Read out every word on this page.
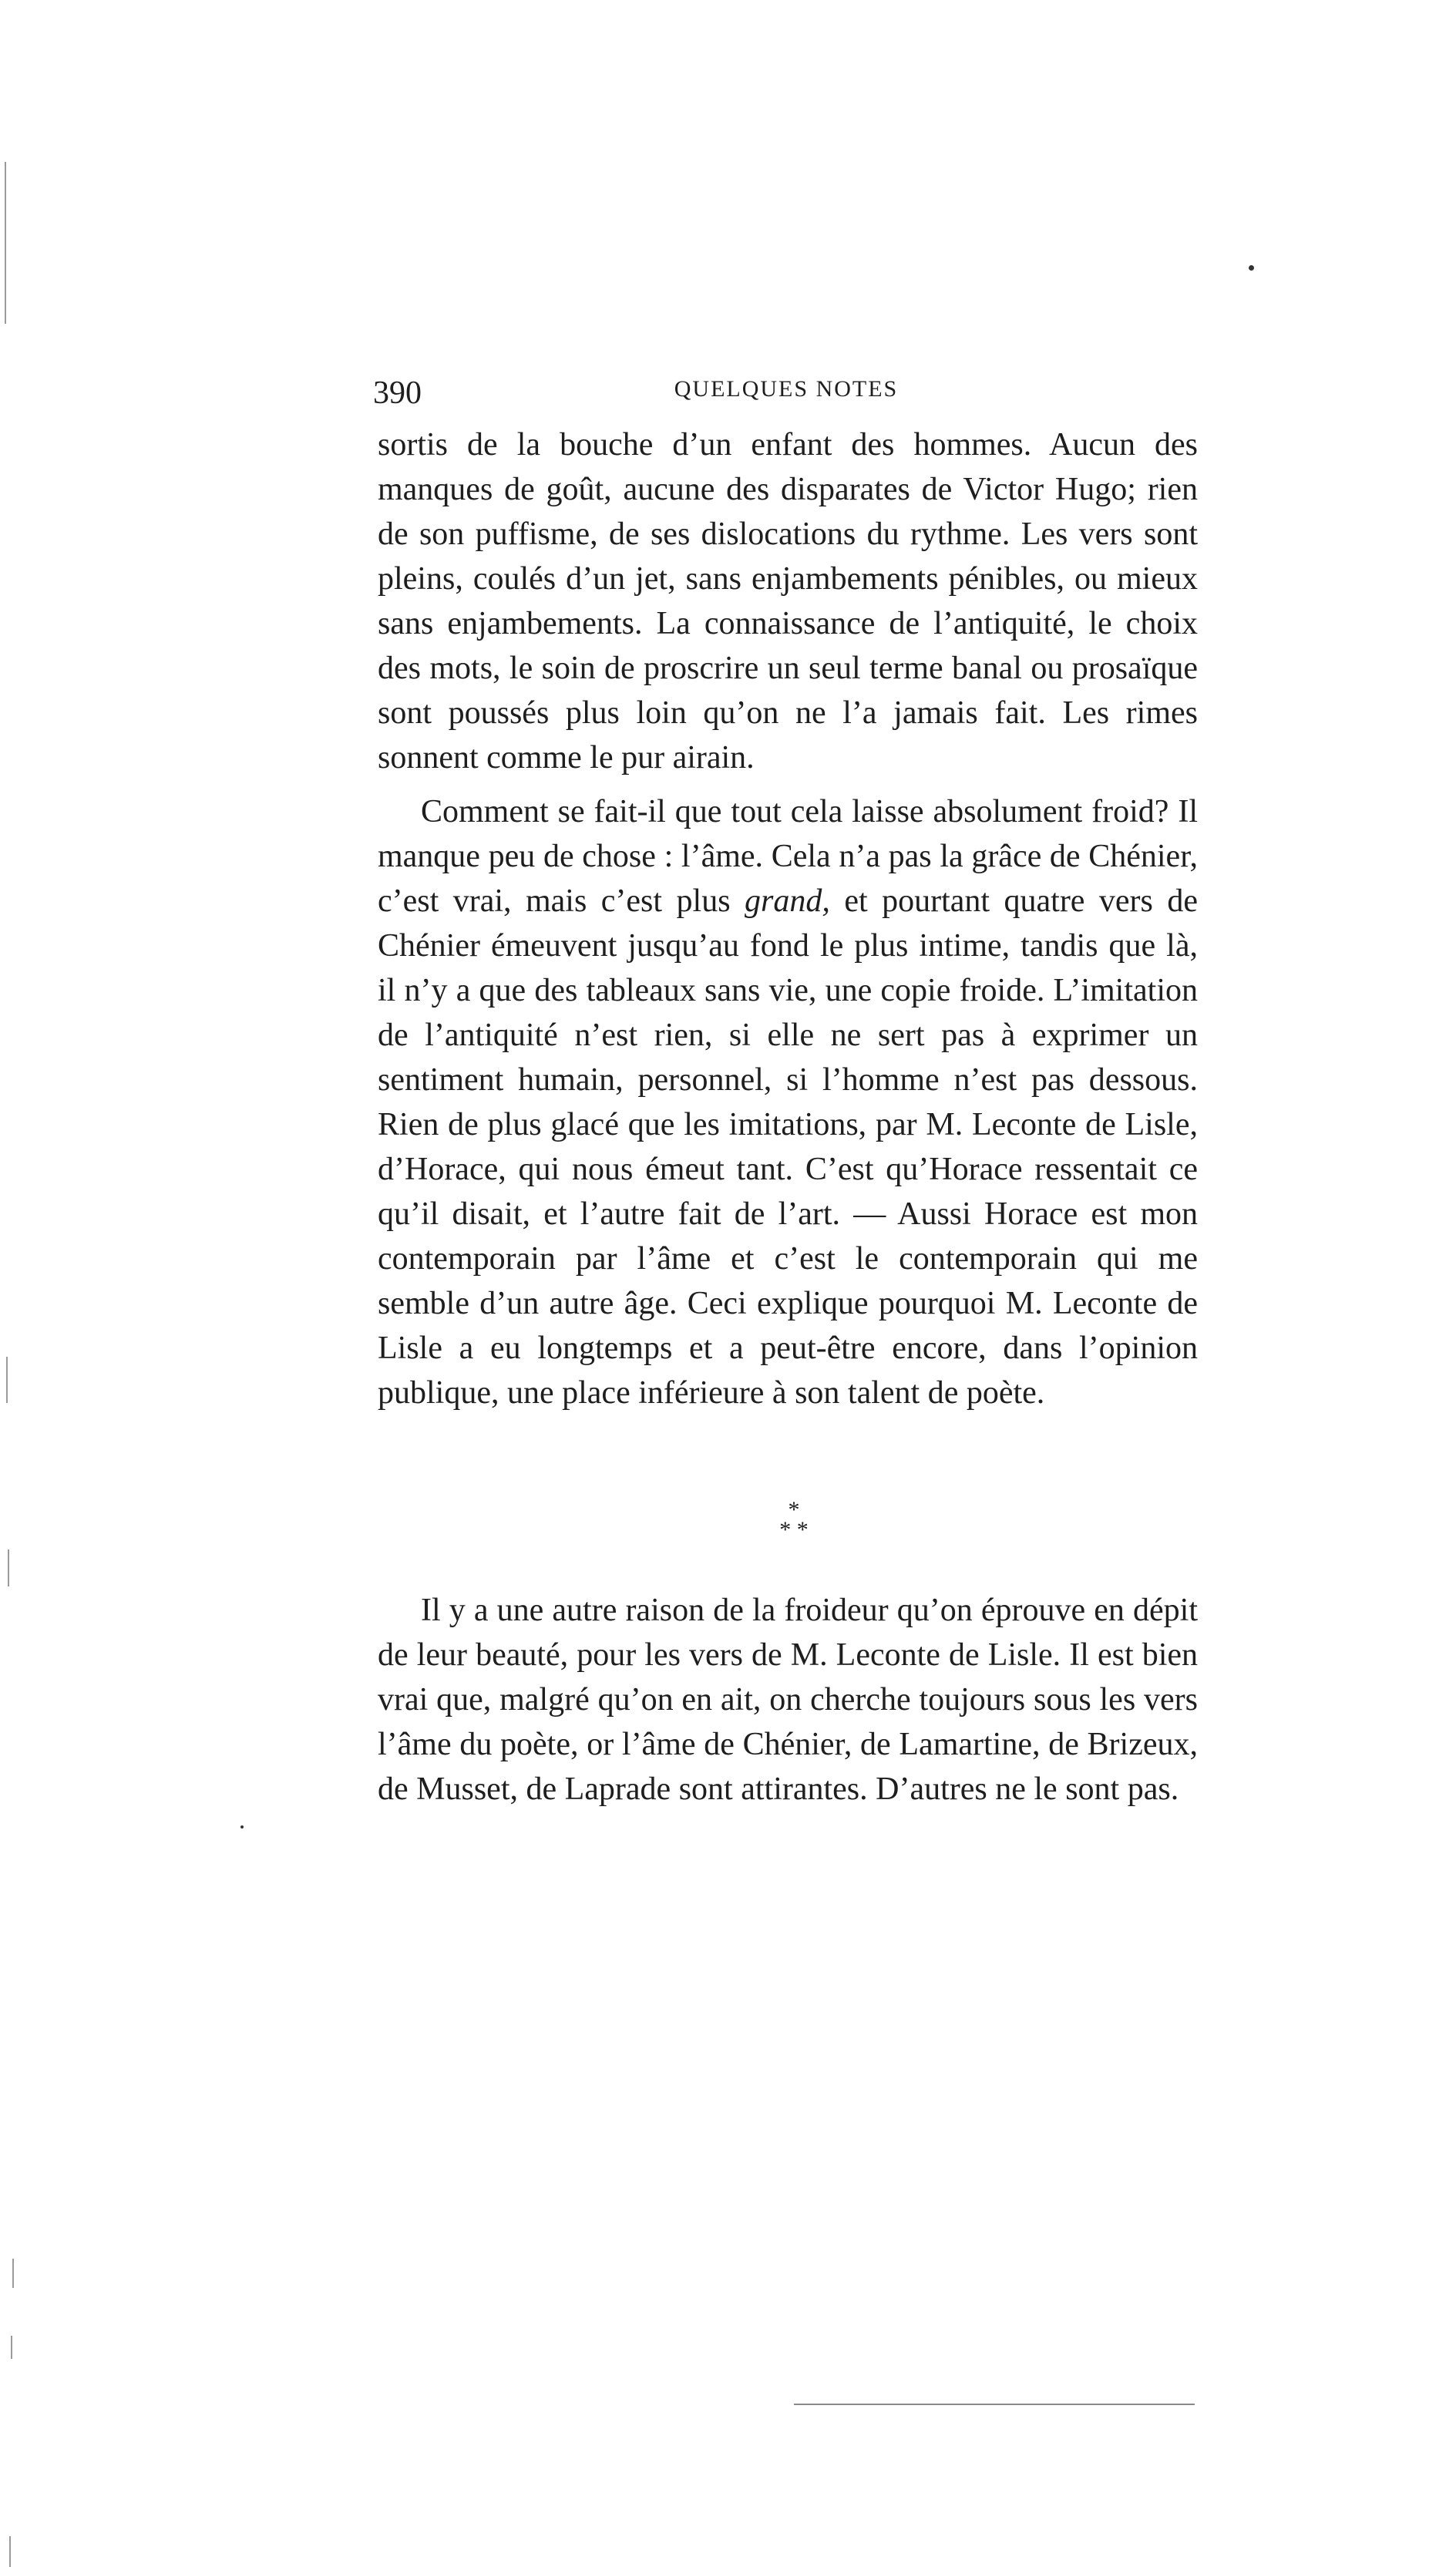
390	QUELQUES NOTES

sortis de la bouche d’un enfant des hommes. Aucun des manques de goût, aucune des disparates de Victor Hugo; rien de son puffisme, de ses dislocations du rythme. Les vers sont pleins, coulés d’un jet, sans enjambements pénibles, ou mieux sans enjambements. La connaissance de l’antiquité, le choix des mots, le soin de proscrire un seul terme banal ou prosaïque sont poussés plus loin qu’on ne l’a jamais fait. Les rimes sonnent comme le pur airain.

Comment se fait-il que tout cela laisse absolument froid? Il manque peu de chose : l’âme. Cela n’a pas la grâce de Chénier, c’est vrai, mais c’est plus grand, et pourtant quatre vers de Chénier émeuvent jusqu’au fond le plus intime, tandis que là, il n’y a que des tableaux sans vie, une copie froide. L’imitation de l’antiquité n’est rien, si elle ne sert pas à exprimer un sentiment humain, personnel, si l’homme n’est pas dessous. Rien de plus glacé que les imitations, par M. Leconte de Lisle, d’Horace, qui nous émeut tant. C’est qu’Horace ressentait ce qu’il disait, et l’autre fait de l’art. — Aussi Horace est mon contemporain par l’âme et c’est le contemporain qui me semble d’un autre âge. Ceci explique pourquoi M. Leconte de Lisle a eu longtemps et a peut-être encore, dans l’opinion publique, une place inférieure à son talent de poète.

*
* *

Il y a une autre raison de la froideur qu’on éprouve en dépit de leur beauté, pour les vers de M. Leconte de Lisle. Il est bien vrai que, malgré qu’on en ait, on cherche toujours sous les vers l’âme du poète, or l’âme de Chénier, de Lamartine, de Brizeux, de Musset, de Laprade sont attirantes. D’autres ne le sont pas.
